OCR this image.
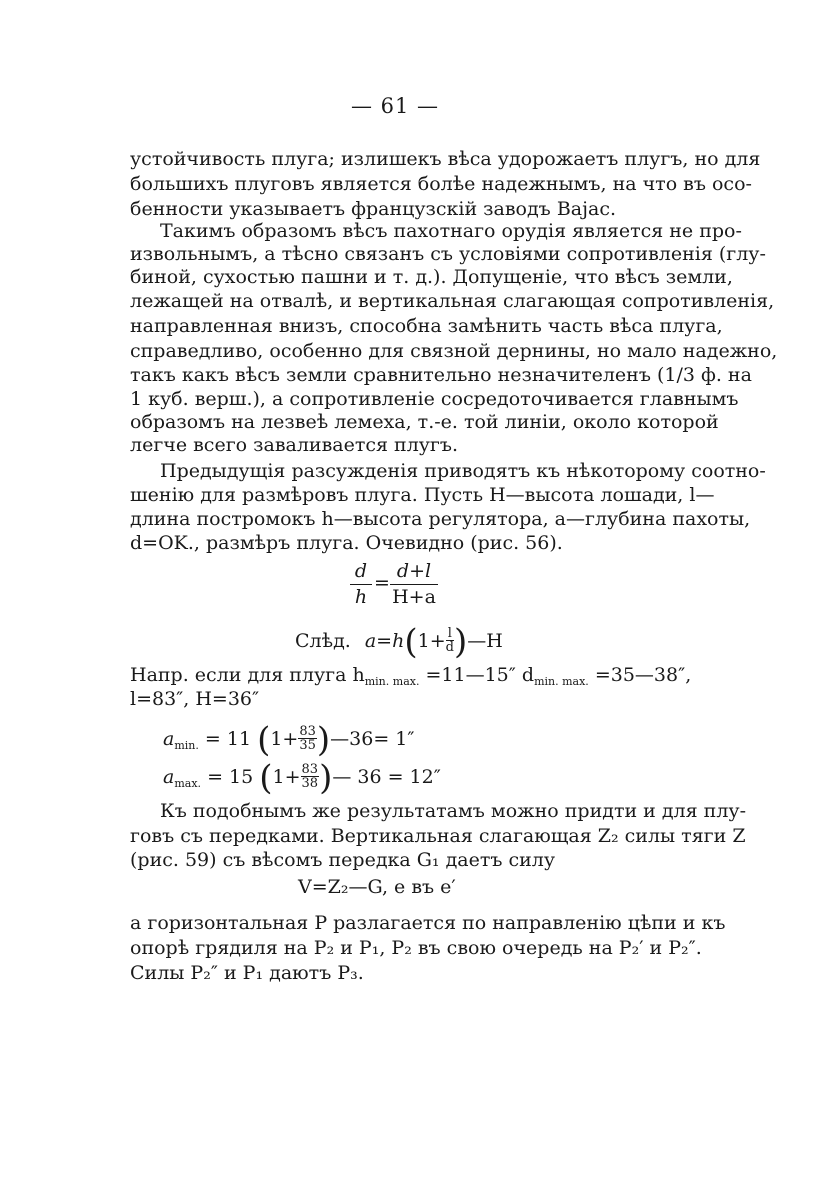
— 61 —
устойчивость плуга; излишекъ вѣса удорожаетъ плугъ, но для
большихъ плуговъ является болѣе надежнымъ, на что въ осо-
бенности указываетъ французскій заводъ Bajac.
Такимъ образомъ вѣсъ пахотнаго орудія является не про-
извольнымъ, а тѣсно связанъ съ условіями сопротивленія (глу-
биной, сухостью пашни и т. д.). Допущеніе, что вѣсъ земли,
лежащей на отвалѣ, и вертикальная слагающая сопротивленія,
направленная внизъ, способна замѣнить часть вѣса плуга,
справедливо, особенно для связной дернины, но мало надежно,
такъ какъ вѣсъ земли сравнительно незначителенъ (1/3 ф. на
1 куб. верш.), а сопротивленіе сосредоточивается главнымъ
образомъ на лезвеѣ лемеха, т.-е. той линіи, около которой
легче всего заваливается плугъ.
Предыдущія разсужденія приводятъ къ нѣкоторому соотно-
шенію для размѣровъ плуга. Пусть H—высота лошади, l—
длина постромокъ h—высота регулятора, a—глубина пахоты,
d=OK., размѣръ плуга. Очевидно (рис. 56).
d
h
=
d+l
H+a
Слѣд. $a=h(1+ \frac{l}{d}$ )—H
Напр. если для плуга $h_{min. max.}$ =11—15″ $d_{min. max.}$ =35—38″,
l=83″, H=36″
$a_{min.} = 11$ ($1+ \frac{83}{35}$ )—36= 1″
$a_{max.} = 15$ ($1+ \frac{83}{38}$ )— 36 = 12″
Къ подобнымъ же результатамъ можно придти и для плу-
говъ съ передками. Вертикальная слагающая Z₂ силы тяги Z
(рис. 59) съ вѣсомъ передка G₁ даетъ силу
V=Z₂—G, e въ e′
а горизонтальная P разлагается по направленію цѣпи и къ
опорѣ грядиля на P₂ и P₁, P₂ въ свою очередь на P₂′ и P₂″.
Силы P₂″ и P₁ даютъ P₃.
